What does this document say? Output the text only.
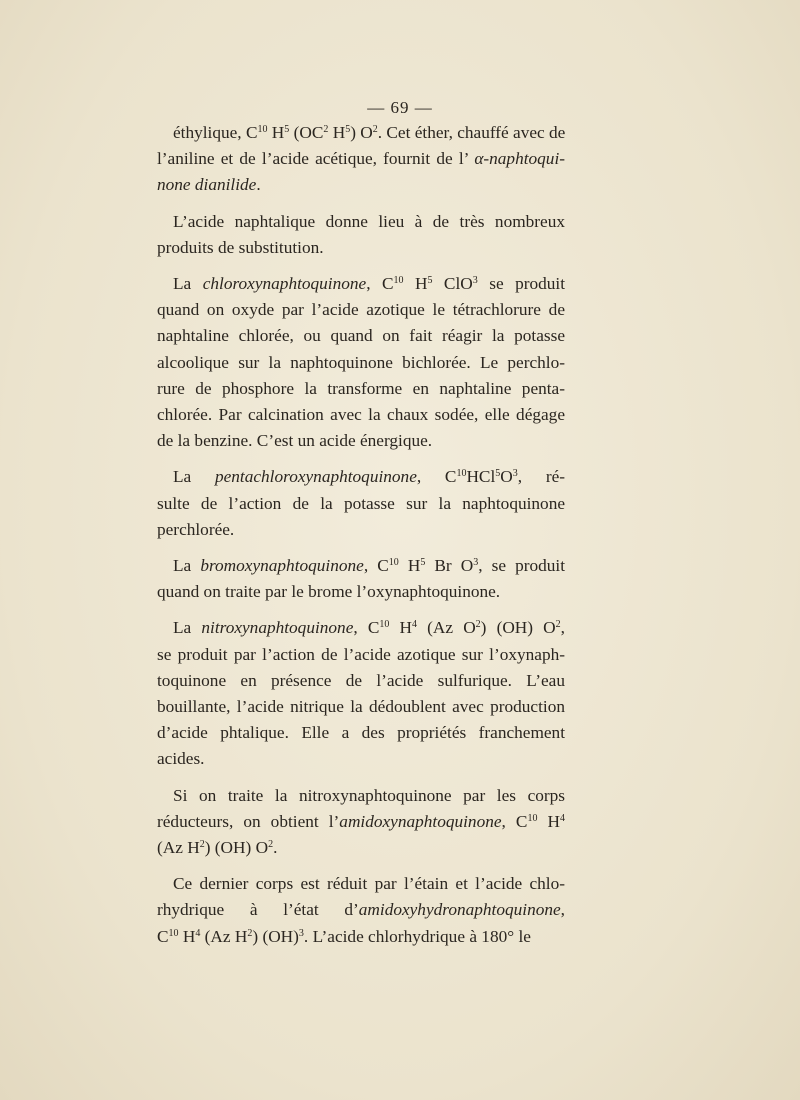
— 69 —
éthylique, $C^{10}$ $H^5$ ($OC^2$ $H^5$) $O^2$. Cet éther, chauffé avec de
l’aniline et de l’acide acétique, fournit de l’ α-naphtoqui-
none dianilide.
L’acide naphtalique donne lieu à de très nombreux
produits de substitution.
La chloroxynaphtoquinone, $C^{10}$ $H^5$ ClO$^3$ se produit
quand on oxyde par l’acide azotique le tétrachlorure de
naphtaline chlorée, ou quand on fait réagir la potasse
alcoolique sur la naphtoquinone bichlorée. Le perchlo-
rure de phosphore la transforme en naphtaline penta-
chlorée. Par calcination avec la chaux sodée, elle dégage
de la benzine. C’est un acide énergique.
La pentachloroxynaphtoquinone, $C^{10}HCl^5O^3$, ré-
sulte de l’action de la potasse sur la naphtoquinone
perchlorée.
La bromoxynaphtoquinone, $C^{10}$ $H^5$ Br $O^3$, se produit
quand on traite par le brome l’oxynaphtoquinone.
La nitroxynaphtoquinone, $C^{10}$ $H^4$ (Az $O^2$) (OH) $O^2$,
se produit par l’action de l’acide azotique sur l’oxynaph-
toquinone en présence de l’acide sulfurique. L’eau
bouillante, l’acide nitrique la dédoublent avec production
d’acide phtalique. Elle a des propriétés franchement
acides.
Si on traite la nitroxynaphtoquinone par les corps
réducteurs, on obtient l’amidoxynaphtoquinone, $C^{10}$ $H^4$
(Az $H^2$) (OH) $O^2$.
Ce dernier corps est réduit par l’étain et l’acide chlo-
rhydrique à l’état d’amidoxyhydronaphtoquinone,
$C^{10}$ $H^4$ (Az $H^2$) (OH)$^3$. L’acide chlorhydrique à 180° le
